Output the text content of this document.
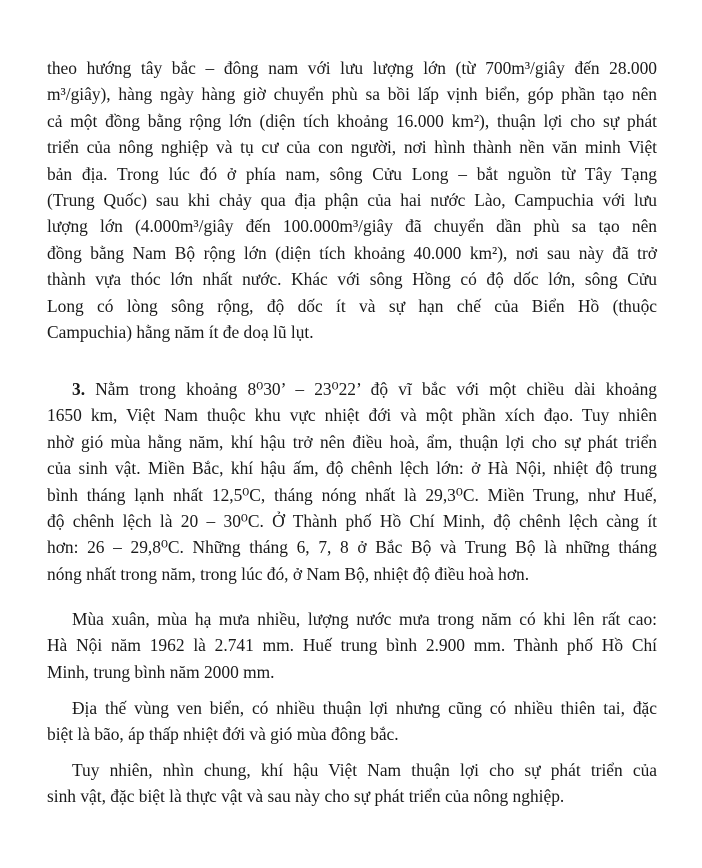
theo hướng tây bắc – đông nam với lưu lượng lớn (từ 700m³/giây đến 28.000
m³/giây), hàng ngày hàng giờ chuyển phù sa bồi lấp vịnh biển, góp phần tạo nên
cả một đồng bằng rộng lớn (diện tích khoảng 16.000 km²), thuận lợi cho sự phát
triển của nông nghiệp và tụ cư của con người, nơi hình thành nền văn minh Việt
bản địa. Trong lúc đó ở phía nam, sông Cửu Long – bắt nguồn từ Tây Tạng
(Trung Quốc) sau khi chảy qua địa phận của hai nước Lào, Campuchia với lưu
lượng lớn (4.000m³/giây đến 100.000m³/giây đã chuyển dần phù sa tạo nên
đồng bằng Nam Bộ rộng lớn (diện tích khoảng 40.000 km²), nơi sau này đã trở
thành vựa thóc lớn nhất nước. Khác với sông Hồng có độ dốc lớn, sông Cửu
Long có lòng sông rộng, độ dốc ít và sự hạn chế của Biển Hồ (thuộc
Campuchia) hằng năm ít đe doạ lũ lụt.
3. Nằm trong khoảng 8⁰30’ – 23⁰22’ độ vĩ bắc với một chiều dài khoảng
1650 km, Việt Nam thuộc khu vực nhiệt đới và một phần xích đạo. Tuy nhiên
nhờ gió mùa hằng năm, khí hậu trở nên điều hoà, ẩm, thuận lợi cho sự phát triển
của sinh vật. Miền Bắc, khí hậu ấm, độ chênh lệch lớn: ở Hà Nội, nhiệt độ trung
bình tháng lạnh nhất 12,5⁰C, tháng nóng nhất là 29,3⁰C. Miền Trung, như Huế,
độ chênh lệch là 20 – 30⁰C. Ở Thành phố Hồ Chí Minh, độ chênh lệch càng ít
hơn: 26 – 29,8⁰C. Những tháng 6, 7, 8 ở Bắc Bộ và Trung Bộ là những tháng
nóng nhất trong năm, trong lúc đó, ở Nam Bộ, nhiệt độ điều hoà hơn.
Mùa xuân, mùa hạ mưa nhiều, lượng nước mưa trong năm có khi lên rất cao:
Hà Nội năm 1962 là 2.741 mm. Huế trung bình 2.900 mm. Thành phố Hồ Chí
Minh, trung bình năm 2000 mm.
Địa thế vùng ven biển, có nhiều thuận lợi nhưng cũng có nhiều thiên tai, đặc
biệt là bão, áp thấp nhiệt đới và gió mùa đông bắc.
Tuy nhiên, nhìn chung, khí hậu Việt Nam thuận lợi cho sự phát triển của
sinh vật, đặc biệt là thực vật và sau này cho sự phát triển của nông nghiệp.
